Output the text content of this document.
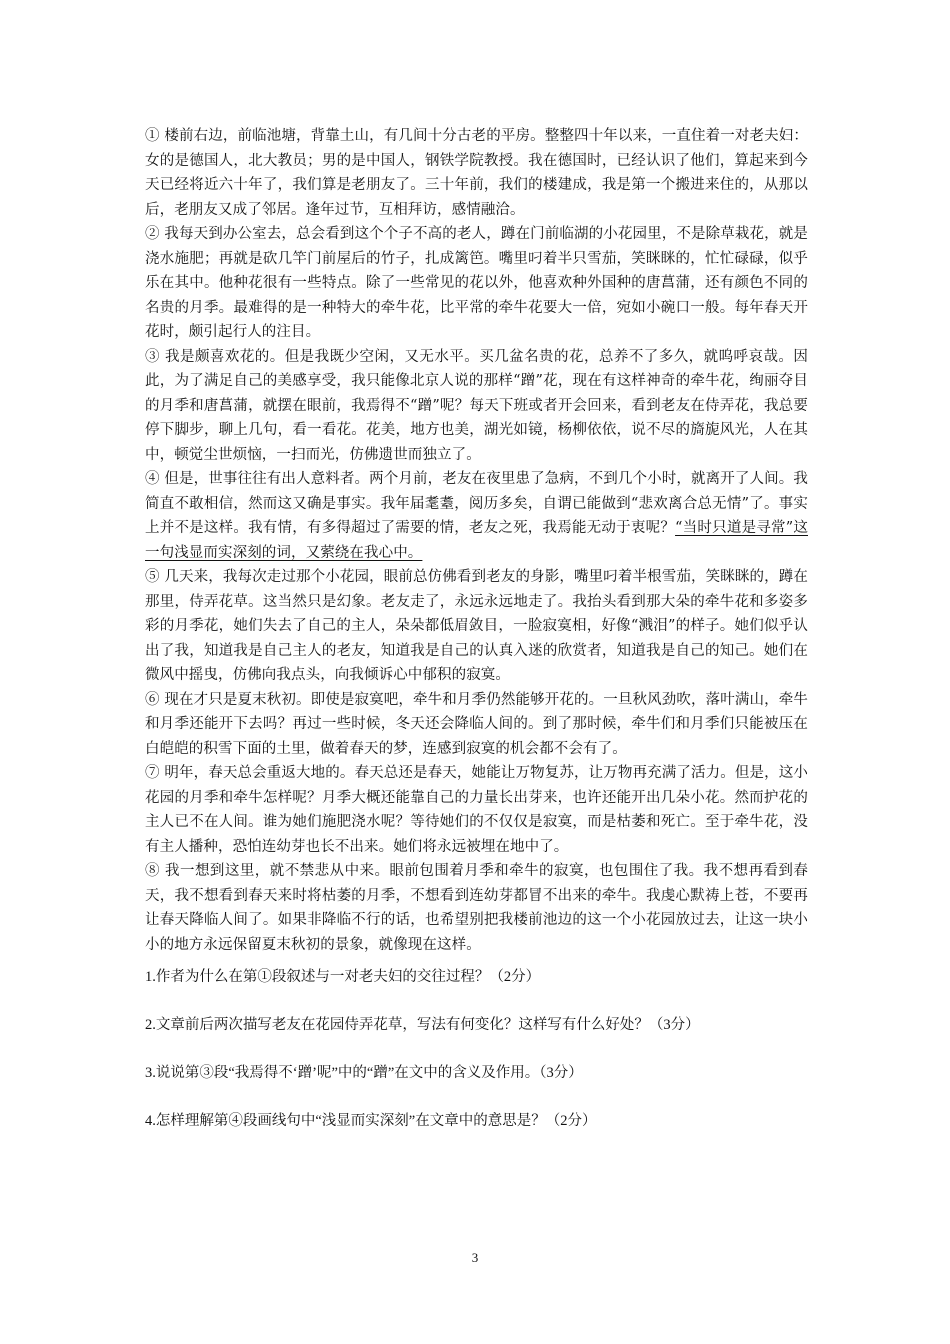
① 楼前右边，前临池塘，背靠土山，有几间十分古老的平房。整整四十年以来，一直住着一对老夫妇：女的是德国人，北大教员；男的是中国人，钢铁学院教授。我在德国时，已经认识了他们，算起来到今天已经将近六十年了，我们算是老朋友了。三十年前，我们的楼建成，我是第一个搬进来住的，从那以后，老朋友又成了邻居。逢年过节，互相拜访，感情融洽。

② 我每天到办公室去，总会看到这个个子不高的老人，蹲在门前临湖的小花园里，不是除草栽花，就是浇水施肥；再就是砍几竿门前屋后的竹子，扎成篱笆。嘴里叼着半只雪茄，笑眯眯的，忙忙碌碌，似乎乐在其中。他种花很有一些特点。除了一些常见的花以外，他喜欢种外国种的唐菖蒲，还有颜色不同的名贵的月季。最难得的是一种特大的牵牛花，比平常的牵牛花要大一倍，宛如小碗口一般。每年春天开花时，颇引起行人的注目。

③ 我是颇喜欢花的。但是我既少空闲，又无水平。买几盆名贵的花，总养不了多久，就呜呼哀哉。因此，为了满足自己的美感享受，我只能像北京人说的那样“蹭”花，现在有这样神奇的牵牛花，绚丽夺目的月季和唐菖蒲，就摆在眼前，我焉得不“蹭”呢？每天下班或者开会回来，看到老友在侍弄花，我总要停下脚步，聊上几句，看一看花。花美，地方也美，湖光如镜，杨柳依依，说不尽的旖旎风光，人在其中，顿觉尘世烦恼，一扫而光，仿佛遗世而独立了。

④ 但是，世事往往有出人意料者。两个月前，老友在夜里患了急病，不到几个小时，就离开了人间。我简直不敢相信，然而这又确是事实。我年届耄耋，阅历多矣，自谓已能做到“悲欢离合总无情”了。事实上并不是这样。我有情，有多得超过了需要的情，老友之死，我焉能无动于衷呢？“当时只道是寻常”这一句浅显而实深刻的词，又萦绕在我心中。

⑤ 几天来，我每次走过那个小花园，眼前总仿佛看到老友的身影，嘴里叼着半根雪茄，笑眯眯的，蹲在那里，侍弄花草。这当然只是幻象。老友走了，永远永远地走了。我抬头看到那大朵的牵牛花和多姿多彩的月季花，她们失去了自己的主人，朵朵都低眉敛目，一脸寂寞相，好像“溅泪”的样子。她们似乎认出了我，知道我是自己主人的老友，知道我是自己的认真入迷的欣赏者，知道我是自己的知己。她们在微风中摇曳，仿佛向我点头，向我倾诉心中郁积的寂寞。

⑥ 现在才只是夏末秋初。即使是寂寞吧，牵牛和月季仍然能够开花的。一旦秋风劲吹，落叶满山，牵牛和月季还能开下去吗？再过一些时候，冬天还会降临人间的。到了那时候，牵牛们和月季们只能被压在白皑皑的积雪下面的土里，做着春天的梦，连感到寂寞的机会都不会有了。

⑦ 明年，春天总会重返大地的。春天总还是春天，她能让万物复苏，让万物再充满了活力。但是，这小花园的月季和牵牛怎样呢？月季大概还能靠自己的力量长出芽来，也许还能开出几朵小花。然而护花的主人已不在人间。谁为她们施肥浇水呢？等待她们的不仅仅是寂寞，而是枯萎和死亡。至于牵牛花，没有主人播种，恐怕连幼芽也长不出来。她们将永远被埋在地中了。

⑧ 我一想到这里，就不禁悲从中来。眼前包围着月季和牵牛的寂寞，也包围住了我。我不想再看到春天，我不想看到春天来时将枯萎的月季，不想看到连幼芽都冒不出来的牵牛。我虔心默祷上苍，不要再让春天降临人间了。如果非降临不行的话，也希望别把我楼前池边的这一个小花园放过去，让这一块小小的地方永远保留夏末秋初的景象，就像现在这样。

1.作者为什么在第①段叙述与一对老夫妇的交往过程？（2分）

2.文章前后两次描写老友在花园侍弄花草，写法有何变化？这样写有什么好处？（3分）

3.说说第③段“我焉得不‘蹭’呢”中的“蹭”在文中的含义及作用。（3分）

4.怎样理解第④段画线句中“浅显而实深刻”在文章中的意思是？（2分）

3
